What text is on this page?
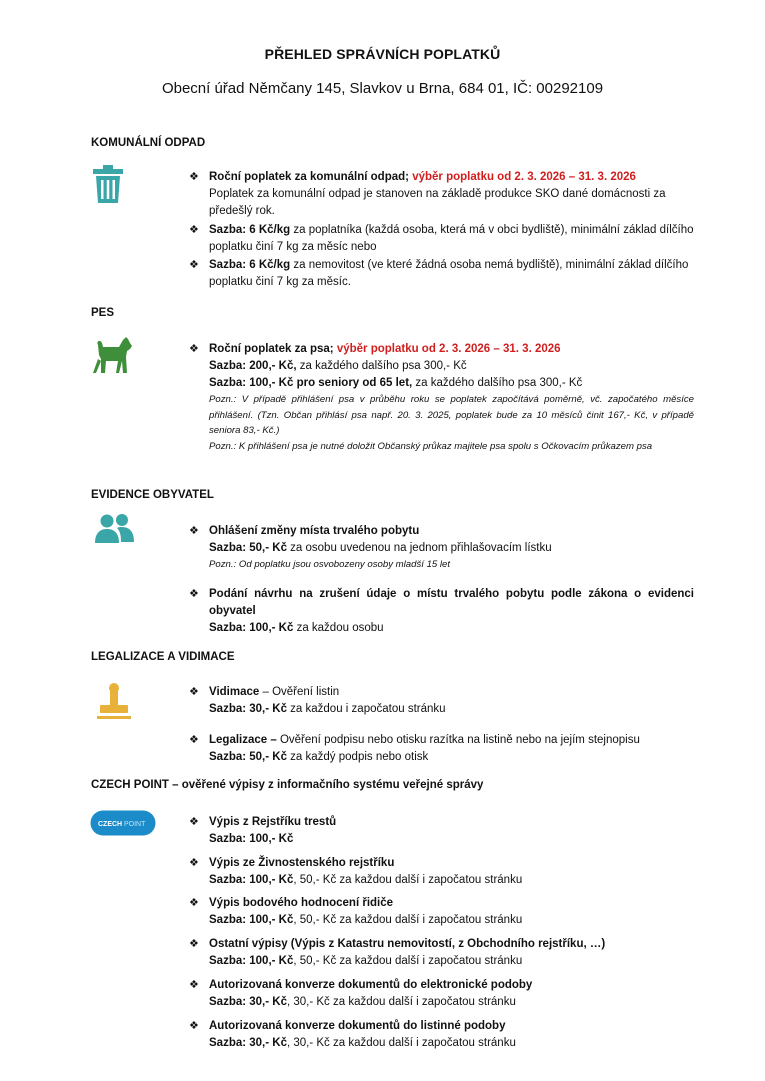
PŘEHLED SPRÁVNÍCH POPLATKŮ
Obecní úřad Němčany 145, Slavkov u Brna, 684 01, IČ: 00292109
KOMUNÁLNÍ ODPAD
❖ Roční poplatek za komunální odpad; výběr poplatku od 2. 3. 2026 – 31. 3. 2026
Poplatek za komunální odpad je stanoven na základě produkce SKO dané domácnosti za předešlý rok.
❖ Sazba: 6 Kč/kg za poplatníka (každá osoba, která má v obci bydliště), minimální základ dílčího poplatku činí 7 kg za měsíc nebo
❖ Sazba: 6 Kč/kg za nemovitost (ve které žádná osoba nemá bydliště), minimální základ dílčího poplatku činí 7 kg za měsíc.
PES
❖ Roční poplatek za psa; výběr poplatku od 2. 3. 2026 – 31. 3. 2026
Sazba: 200,- Kč, za každého dalšího psa 300,- Kč
Sazba: 100,- Kč pro seniory od 65 let, za každého dalšího psa 300,- Kč
Pozn.: V případě přihlášení psa v průběhu roku se poplatek započítává poměrně, vč. započatého měsíce přihlášení. (Tzn. Občan přihlásí psa např. 20. 3. 2025, poplatek bude za 10 měsíců činit 167,- Kč, v případě seniora 83,- Kč.)
Pozn.: K přihlášení psa je nutné doložit Občanský průkaz majitele psa spolu s Očkovacím průkazem psa
EVIDENCE OBYVATEL
❖ Ohlášení změny místa trvalého pobytu
Sazba: 50,- Kč za osobu uvedenou na jednom přihlašovacím lístku
Pozn.: Od poplatku jsou osvobozeny osoby mladší 15 let
❖ Podání návrhu na zrušení údaje o místu trvalého pobytu podle zákona o evidenci obyvatel
Sazba: 100,- Kč za každou osobu
LEGALIZACE A VIDIMACE
❖ Vidimace – Ověření listin
Sazba: 30,- Kč za každou i započatou stránku
❖ Legalizace – Ověření podpisu nebo otisku razítka na listině nebo na jejím stejnopisu
Sazba: 50,- Kč za každý podpis nebo otisk
CZECH POINT – ověřené výpisy z informačního systému veřejné správy
CZECH POINT	❖ Výpis z Rejstříku trestů
Sazba: 100,- Kč
❖ Výpis ze Živnostenského rejstříku
Sazba: 100,- Kč, 50,- Kč za každou další i započatou stránku
❖ Výpis bodového hodnocení řidiče
Sazba: 100,- Kč, 50,- Kč za každou další i započatou stránku
❖ Ostatní výpisy (Výpis z Katastru nemovitostí, z Obchodního rejstříku, …)
Sazba: 100,- Kč, 50,- Kč za každou další i započatou stránku
❖ Autorizovaná konverze dokumentů do elektronické podoby
Sazba: 30,- Kč, 30,- Kč za každou další i započatou stránku
❖ Autorizovaná konverze dokumentů do listinné podoby
Sazba: 30,- Kč, 30,- Kč za každou další i započatou stránku
